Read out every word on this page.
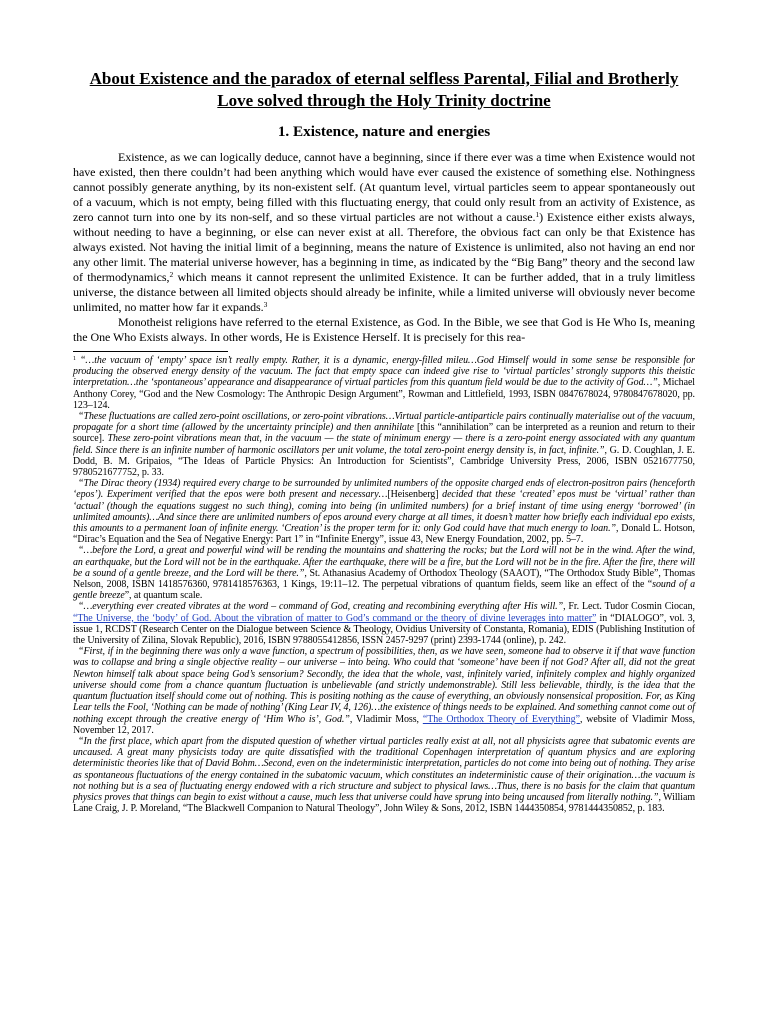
About Existence and the paradox of eternal selfless Parental, Filial and Brotherly Love solved through the Holy Trinity doctrine
1. Existence, nature and energies

Existence, as we can logically deduce, cannot have a beginning, since if there ever was a time when Existence would not have existed, then there couldn’t had been anything which would have ever caused the existence of something else. Nothingness cannot possibly generate anything, by its non-existent self. (At quantum level, virtual particles seem to appear spontaneously out of a vacuum, which is not empty, being filled with this fluctuating energy, that could only result from an activity of Existence, as zero cannot turn into one by its non-self, and so these virtual particles are not without a cause.$^1$) Existence either exists always, without needing to have a beginning, or else can never exist at all. Therefore, the obvious fact can only be that Existence has always existed. Not having the initial limit of a beginning, means the nature of Existence is unlimited, also not having an end nor any other limit. The material universe however, has a beginning in time, as indicated by the “Big Bang” theory and the second law of thermodynamics,$^2$ which means it cannot represent the unlimited Existence. It can be further added, that in a truly limitless universe, the distance between all limited objects should already be infinite, while a limited universe will obviously never become unlimited, no matter how far it expands.$^3$

Monotheist religions have referred to the eternal Existence, as God. In the Bible, we see that God is He Who Is, meaning the One Who Exists always. In other words, He is Existence Herself. It is precisely for this rea-

$^1$ “…the vacuum of ‘empty’ space isn’t really empty. Rather, it is a dynamic, energy-filled mileu…God Himself would in some sense be responsible for producing the observed energy density of the vacuum. The fact that empty space can indeed give rise to ‘virtual particles’ strongly supports this theistic interpretation…the ‘spontaneous’ appearance and disappearance of virtual particles from this quantum field would be due to the activity of God…”, Michael Anthony Corey, “God and the New Cosmology: The Anthropic Design Argument”, Rowman and Littlefield, 1993, ISBN 0847678024, 9780847678020, pp. 123–124.

“These fluctuations are called zero-point oscillations, or zero-point vibrations…Virtual particle-antiparticle pairs continually materialise out of the vacuum, propagate for a short time (allowed by the uncertainty principle) and then annihilate [this “annihilation” can be interpreted as a reunion and return to their source]. These zero-point vibrations mean that, in the vacuum — the state of minimum energy — there is a zero-point energy associated with any quantum field. Since there is an infinite number of harmonic oscillators per unit volume, the total zero-point energy density is, in fact, infinite.”, G. D. Coughlan, J. E. Dodd, B. M. Gripaios, “The Ideas of Particle Physics: An Introduction for Scientists”, Cambridge University Press, 2006, ISBN 0521677750, 9780521677752, p. 33.

“The Dirac theory (1934) required every charge to be surrounded by unlimited numbers of the opposite charged ends of electron-positron pairs (henceforth ‘epos’). Experiment verified that the epos were both present and necessary…[Heisenberg] decided that these ‘created’ epos must be ‘virtual’ rather than ‘actual’ (though the equations suggest no such thing), coming into being (in unlimited numbers) for a brief instant of time using energy ‘borrowed’ (in unlimited amounts)…And since there are unlimited numbers of epos around every charge at all times, it doesn’t matter how briefly each individual epo exists, this amounts to a permanent loan of infinite energy. ‘Creation’ is the proper term for it: only God could have that much energy to loan.”, Donald L. Hotson, “Dirac’s Equation and the Sea of Negative Energy: Part 1” in “Infinite Energy”, issue 43, New Energy Foundation, 2002, pp. 5–7.

“…before the Lord, a great and powerful wind will be rending the mountains and shattering the rocks; but the Lord will not be in the wind. After the wind, an earthquake, but the Lord will not be in the earthquake. After the earthquake, there will be a fire, but the Lord will not be in the fire. After the fire, there will be a sound of a gentle breeze, and the Lord will be there.”, St. Athanasius Academy of Orthodox Theology (SAAOT), “The Orthodox Study Bible”, Thomas Nelson, 2008, ISBN 1418576360, 9781418576363, 1 Kings, 19:11–12. The perpetual vibrations of quantum fields, seem like an effect of the “sound of a gentle breeze”, at quantum scale.

“…everything ever created vibrates at the word – command of God, creating and recombining everything after His will.”, Fr. Lect. Tudor Cosmin Ciocan, “The Universe, the ‘body’ of God. About the vibration of matter to God’s command or the theory of divine leverages into matter” in “DIALOGO”, vol. 3, issue 1, RCDST (Research Center on the Dialogue between Science & Theology, Ovidius University of Constanta, Romania), EDIS (Publishing Institution of the University of Zilina, Slovak Republic), 2016, ISBN 9788055412856, ISSN 2457-9297 (print) 2393-1744 (online), p. 242.

“First, if in the beginning there was only a wave function, a spectrum of possibilities, then, as we have seen, someone had to observe it if that wave function was to collapse and bring a single objective reality – our universe – into being. Who could that ‘someone’ have been if not God? After all, did not the great Newton himself talk about space being God’s sensorium? Secondly, the idea that the whole, vast, infinitely varied, infinitely complex and highly organized universe should come from a chance quantum fluctuation is unbelievable (and strictly undemonstrable). Still less believable, thirdly, is the idea that the quantum fluctuation itself should come out of nothing. This is positing nothing as the cause of everything, an obviously nonsensical proposition. For, as King Lear tells the Fool, ‘Nothing can be made of nothing’ (King Lear IV, 4, 126)…the existence of things needs to be explained. And something cannot come out of nothing except through the creative energy of ‘Him Who is’, God.”, Vladimir Moss, “The Orthodox Theory of Everything”, website of Vladimir Moss, November 12, 2017.

“In the first place, which apart from the disputed question of whether virtual particles really exist at all, not all physicists agree that subatomic events are uncaused. A great many physicists today are quite dissatisfied with the traditional Copenhagen interpretation of quantum physics and are exploring deterministic theories like that of David Bohm…Second, even on the indeterministic interpretation, particles do not come into being out of nothing. They arise as spontaneous fluctuations of the energy contained in the subatomic vacuum, which constitutes an indeterministic cause of their origination…the vacuum is not nothing but is a sea of fluctuating energy endowed with a rich structure and subject to physical laws…Thus, there is no basis for the claim that quantum physics proves that things can begin to exist without a cause, much less that universe could have sprung into being uncaused from literally nothing.”, William Lane Craig, J. P. Moreland, “The Blackwell Companion to Natural Theology”, John Wiley & Sons, 2012, ISBN 1444350854, 9781444350852, p. 183.
